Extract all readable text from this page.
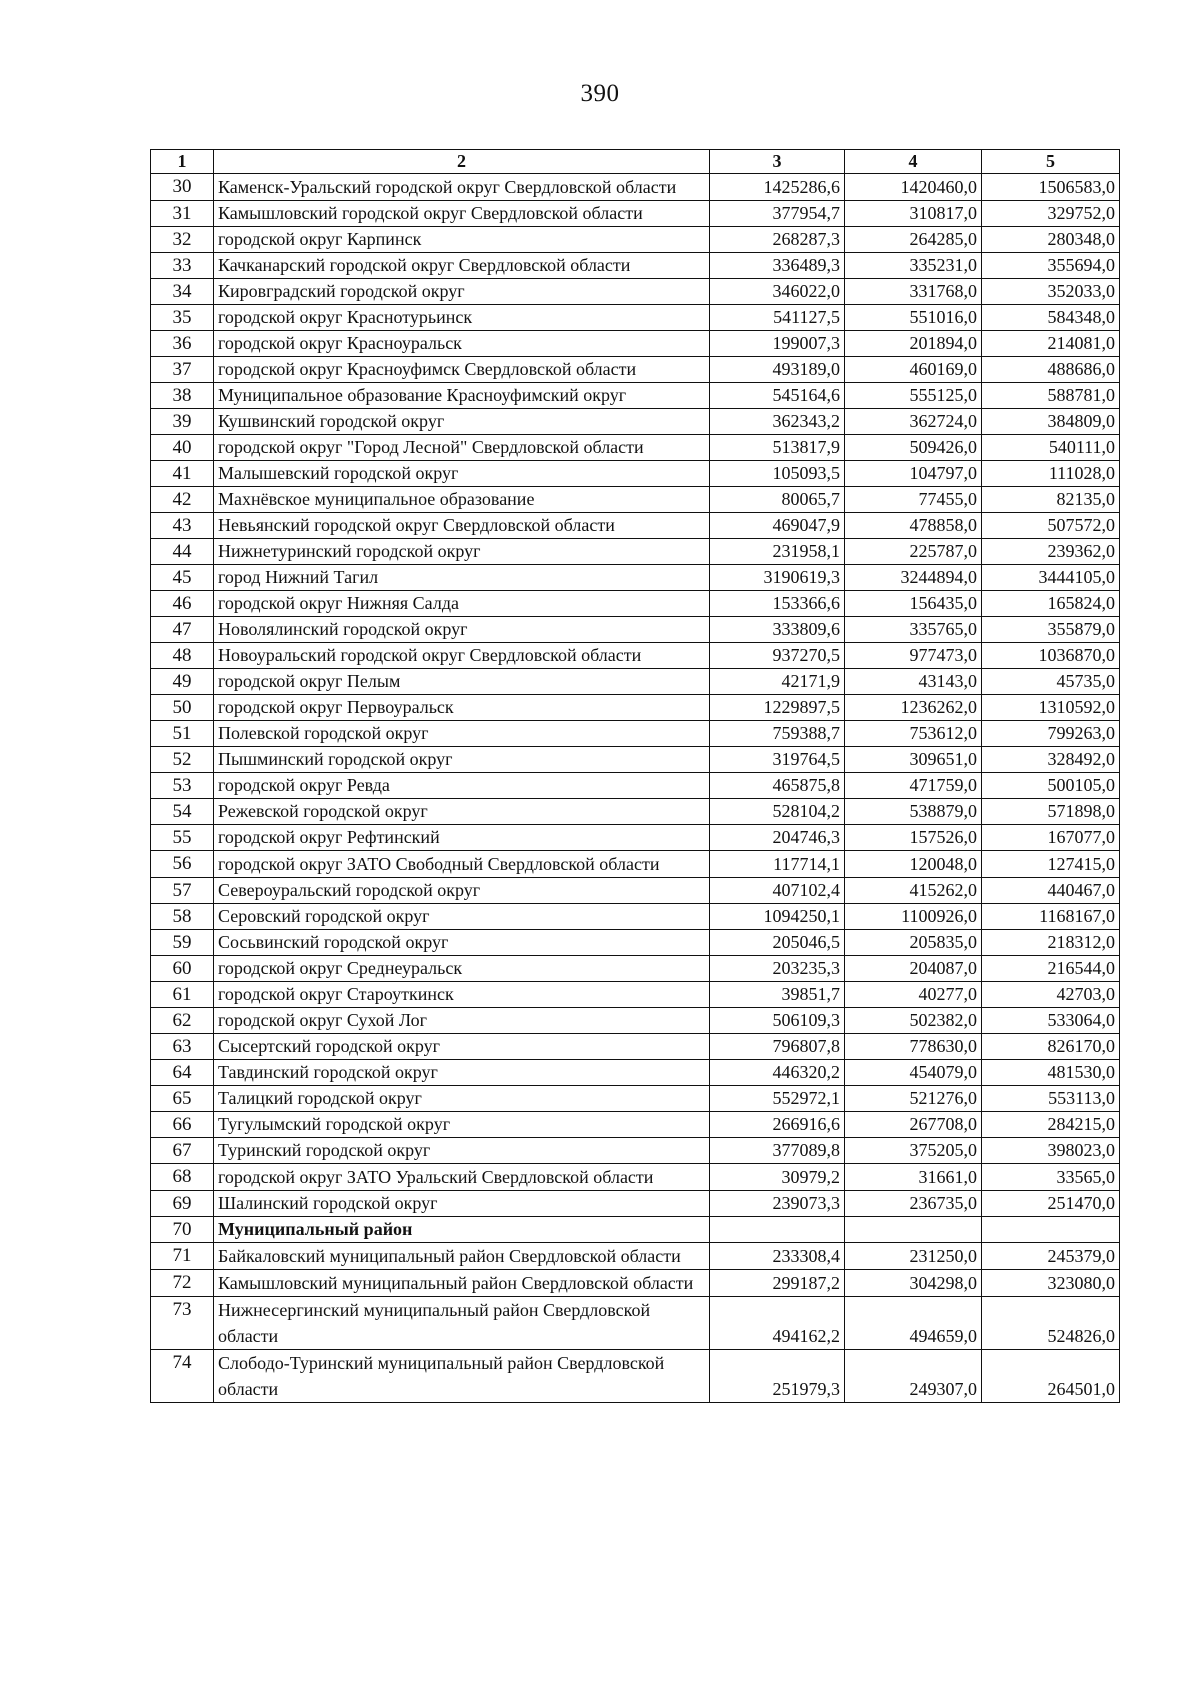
390
1	2	3	4	5
30	Каменск-Уральский городской округ Свердловской области	1425286,6	1420460,0	1506583,0
31	Камышловский городской округ Свердловской области	377954,7	310817,0	329752,0
32	городской округ Карпинск	268287,3	264285,0	280348,0
33	Качканарский городской округ Свердловской области	336489,3	335231,0	355694,0
34	Кировградский городской округ	346022,0	331768,0	352033,0
35	городской округ Краснотурьинск	541127,5	551016,0	584348,0
36	городской округ Красноуральск	199007,3	201894,0	214081,0
37	городской округ Красноуфимск Свердловской области	493189,0	460169,0	488686,0
38	Муниципальное образование Красноуфимский округ	545164,6	555125,0	588781,0
39	Кушвинский городской округ	362343,2	362724,0	384809,0
40	городской округ "Город Лесной" Свердловской области	513817,9	509426,0	540111,0
41	Малышевский городской округ	105093,5	104797,0	111028,0
42	Махнёвское муниципальное образование	80065,7	77455,0	82135,0
43	Невьянский городской округ Свердловской области	469047,9	478858,0	507572,0
44	Нижнетуринский городской округ	231958,1	225787,0	239362,0
45	город Нижний Тагил	3190619,3	3244894,0	3444105,0
46	городской округ Нижняя Салда	153366,6	156435,0	165824,0
47	Новолялинский городской округ	333809,6	335765,0	355879,0
48	Новоуральский городской округ Свердловской области	937270,5	977473,0	1036870,0
49	городской округ Пелым	42171,9	43143,0	45735,0
50	городской округ Первоуральск	1229897,5	1236262,0	1310592,0
51	Полевской городской округ	759388,7	753612,0	799263,0
52	Пышминский городской округ	319764,5	309651,0	328492,0
53	городской округ Ревда	465875,8	471759,0	500105,0
54	Режевской городской округ	528104,2	538879,0	571898,0
55	городской округ Рефтинский	204746,3	157526,0	167077,0
56	городской округ ЗАТО Свободный Свердловской области	117714,1	120048,0	127415,0
57	Североуральский городской округ	407102,4	415262,0	440467,0
58	Серовский городской округ	1094250,1	1100926,0	1168167,0
59	Сосьвинский городской округ	205046,5	205835,0	218312,0
60	городской округ Среднеуральск	203235,3	204087,0	216544,0
61	городской округ Староуткинск	39851,7	40277,0	42703,0
62	городской округ Сухой Лог	506109,3	502382,0	533064,0
63	Сысертский городской округ	796807,8	778630,0	826170,0
64	Тавдинский городской округ	446320,2	454079,0	481530,0
65	Талицкий городской округ	552972,1	521276,0	553113,0
66	Тугулымский городской округ	266916,6	267708,0	284215,0
67	Туринский городской округ	377089,8	375205,0	398023,0
68	городской округ ЗАТО Уральский Свердловской области	30979,2	31661,0	33565,0
69	Шалинский городской округ	239073,3	236735,0	251470,0
70	Муниципальный район			
71	Байкаловский муниципальный район Свердловской области	233308,4	231250,0	245379,0
72	Камышловский муниципальный район Свердловской области	299187,2	304298,0	323080,0
73	Нижнесергинский муниципальный район Свердловской области	494162,2	494659,0	524826,0
74	Слободо-Туринский муниципальный район Свердловской области	251979,3	249307,0	264501,0
